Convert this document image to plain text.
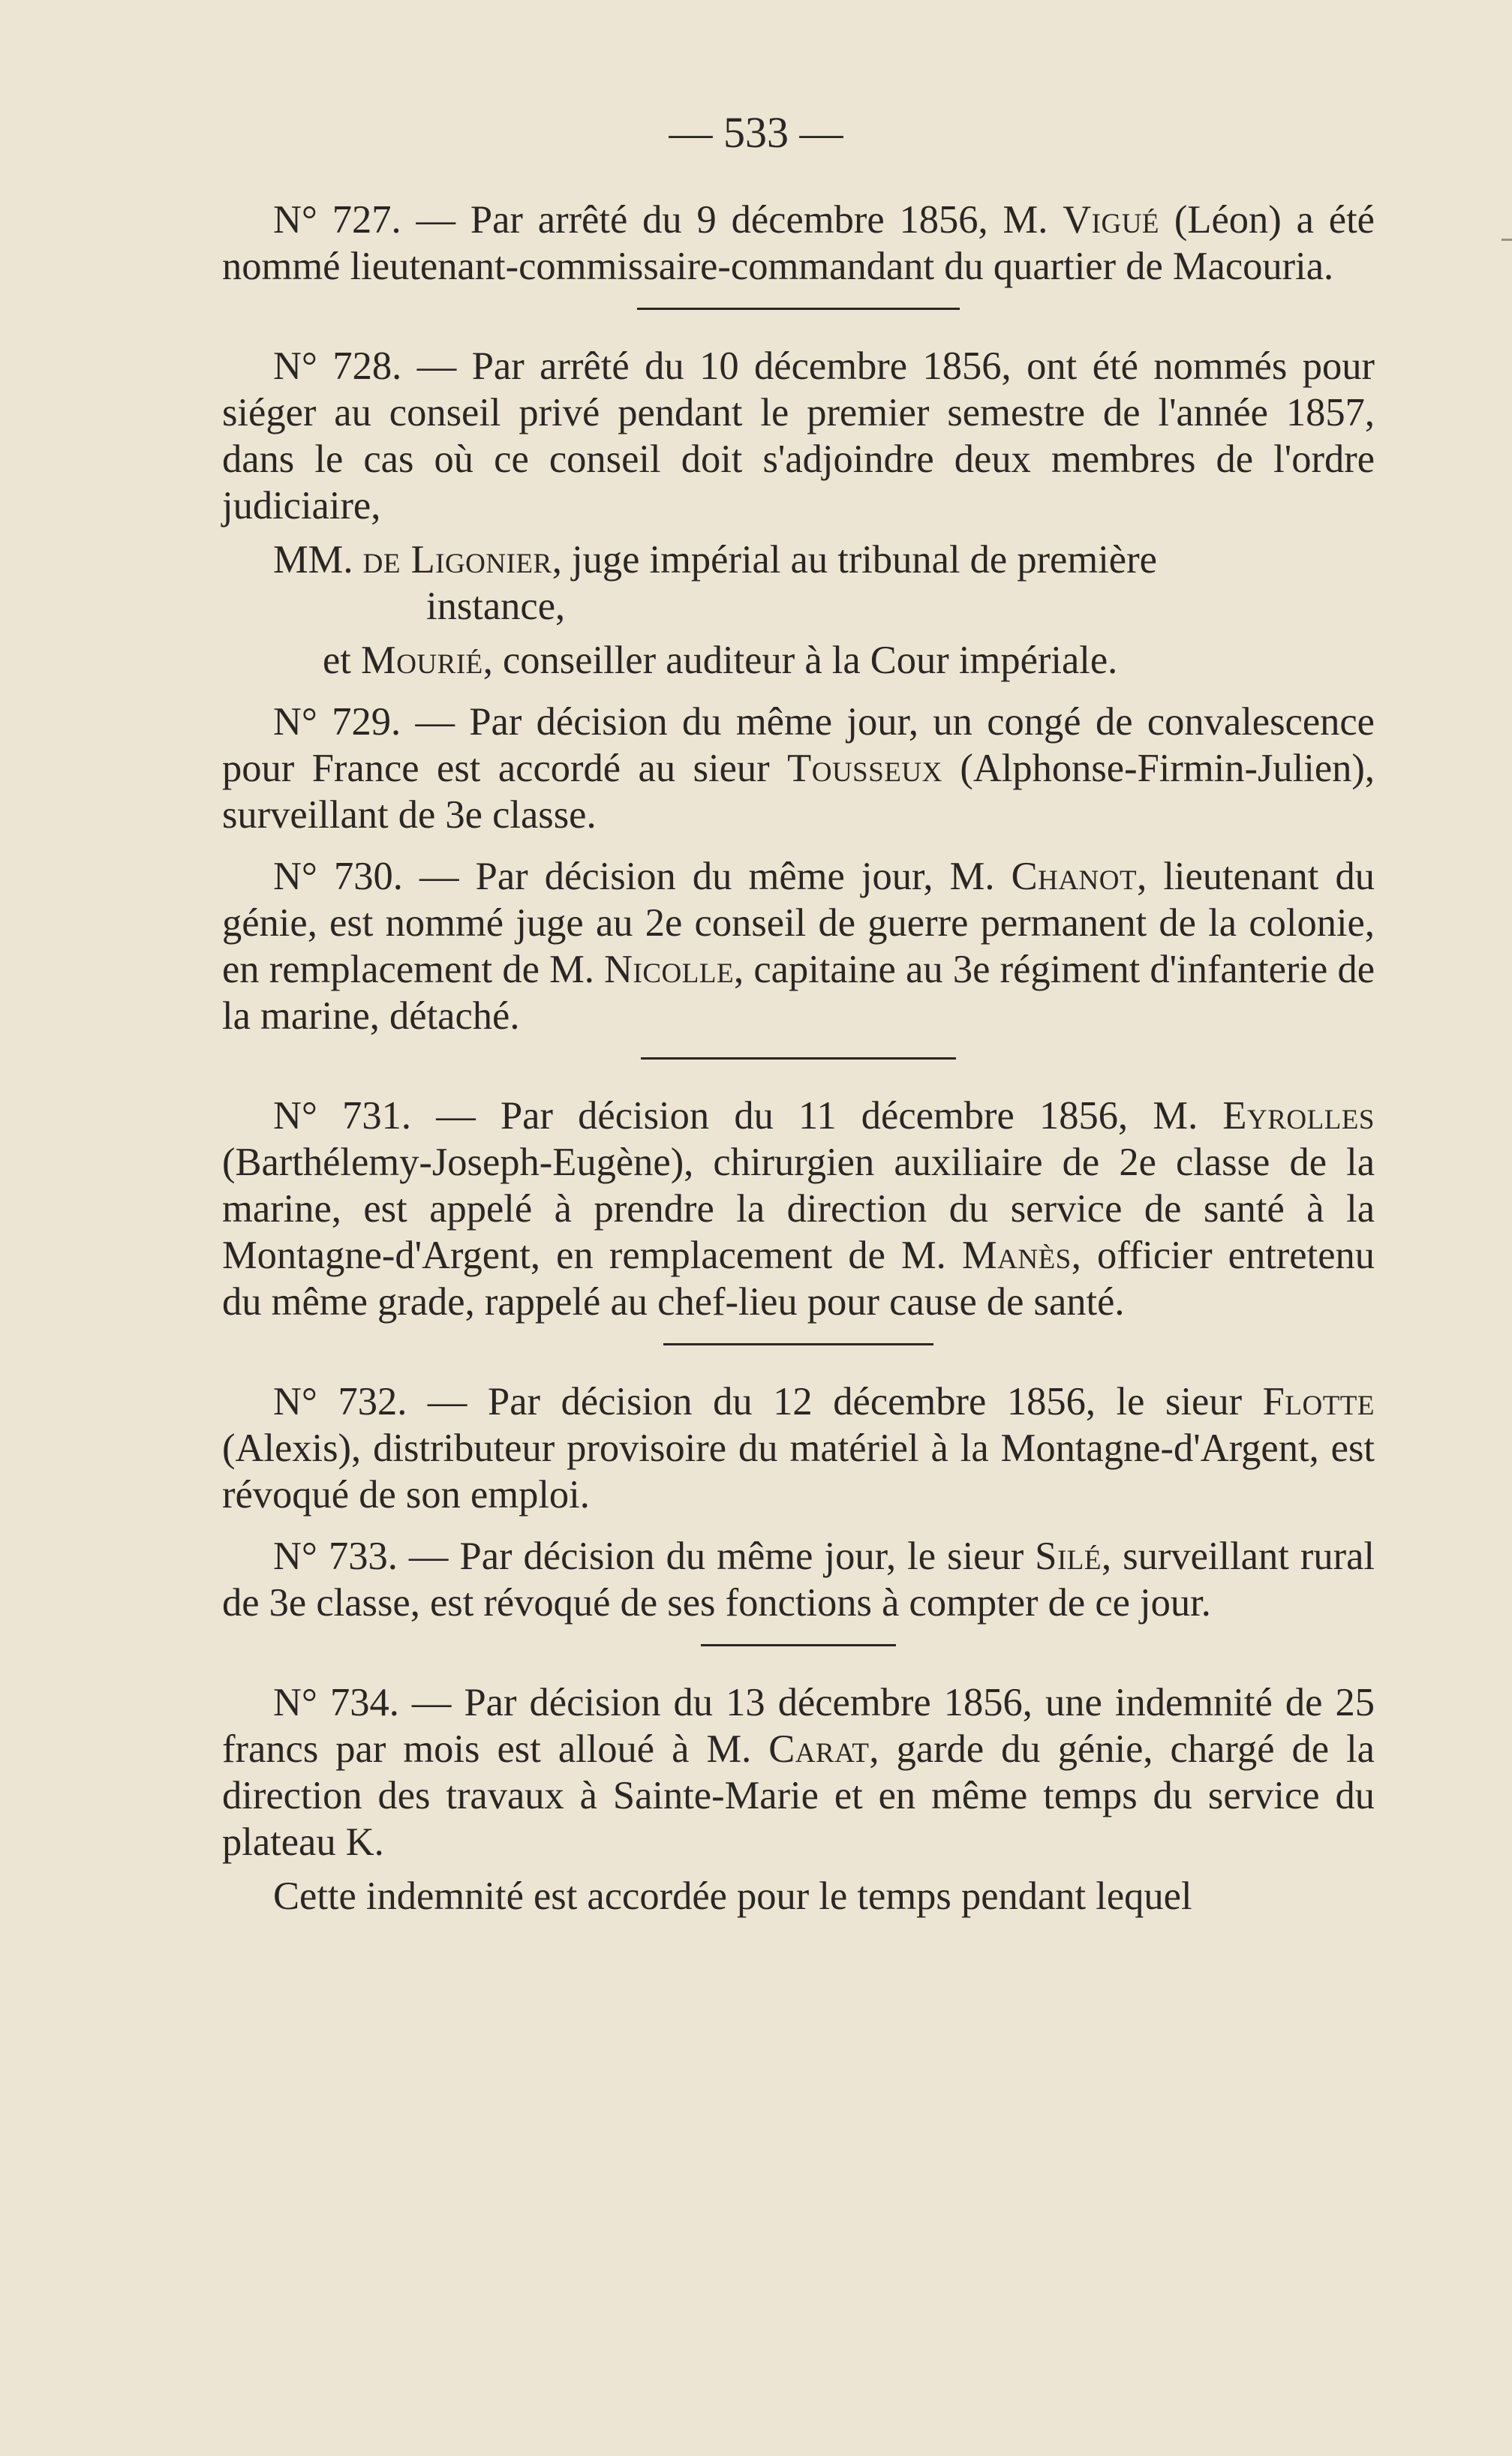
— 533 —

N° 727. — Par arrêté du 9 décembre 1856, M. Vigué (Léon) a été nommé lieutenant-commissaire-commandant du quartier de Macouria.

N° 728. — Par arrêté du 10 décembre 1856, ont été nommés pour siéger au conseil privé pendant le premier semestre de l'année 1857, dans le cas où ce conseil doit s'adjoindre deux membres de l'ordre judiciaire,

MM. de Ligonier, juge impérial au tribunal de première

instance,

et Mourié, conseiller auditeur à la Cour impériale.

N° 729. — Par décision du même jour, un congé de convalescence pour France est accordé au sieur Tousseux (Alphonse-Firmin-Julien), surveillant de 3e classe.

N° 730. — Par décision du même jour, M. Chanot, lieutenant du génie, est nommé juge au 2e conseil de guerre permanent de la colonie, en remplacement de M. Nicolle, capitaine au 3e régiment d'infanterie de la marine, détaché.

N° 731. — Par décision du 11 décembre 1856, M. Eyrolles (Barthélemy-Joseph-Eugène), chirurgien auxiliaire de 2e classe de la marine, est appelé à prendre la direction du service de santé à la Montagne-d'Argent, en remplacement de M. Manès, officier entretenu du même grade, rappelé au chef-lieu pour cause de santé.

N° 732. — Par décision du 12 décembre 1856, le sieur Flotte (Alexis), distributeur provisoire du matériel à la Montagne-d'Argent, est révoqué de son emploi.

N° 733. — Par décision du même jour, le sieur Silé, surveillant rural de 3e classe, est révoqué de ses fonctions à compter de ce jour.

N° 734. — Par décision du 13 décembre 1856, une indemnité de 25 francs par mois est alloué à M. Carat, garde du génie, chargé de la direction des travaux à Sainte-Marie et en même temps du service du plateau K.

Cette indemnité est accordée pour le temps pendant lequel
